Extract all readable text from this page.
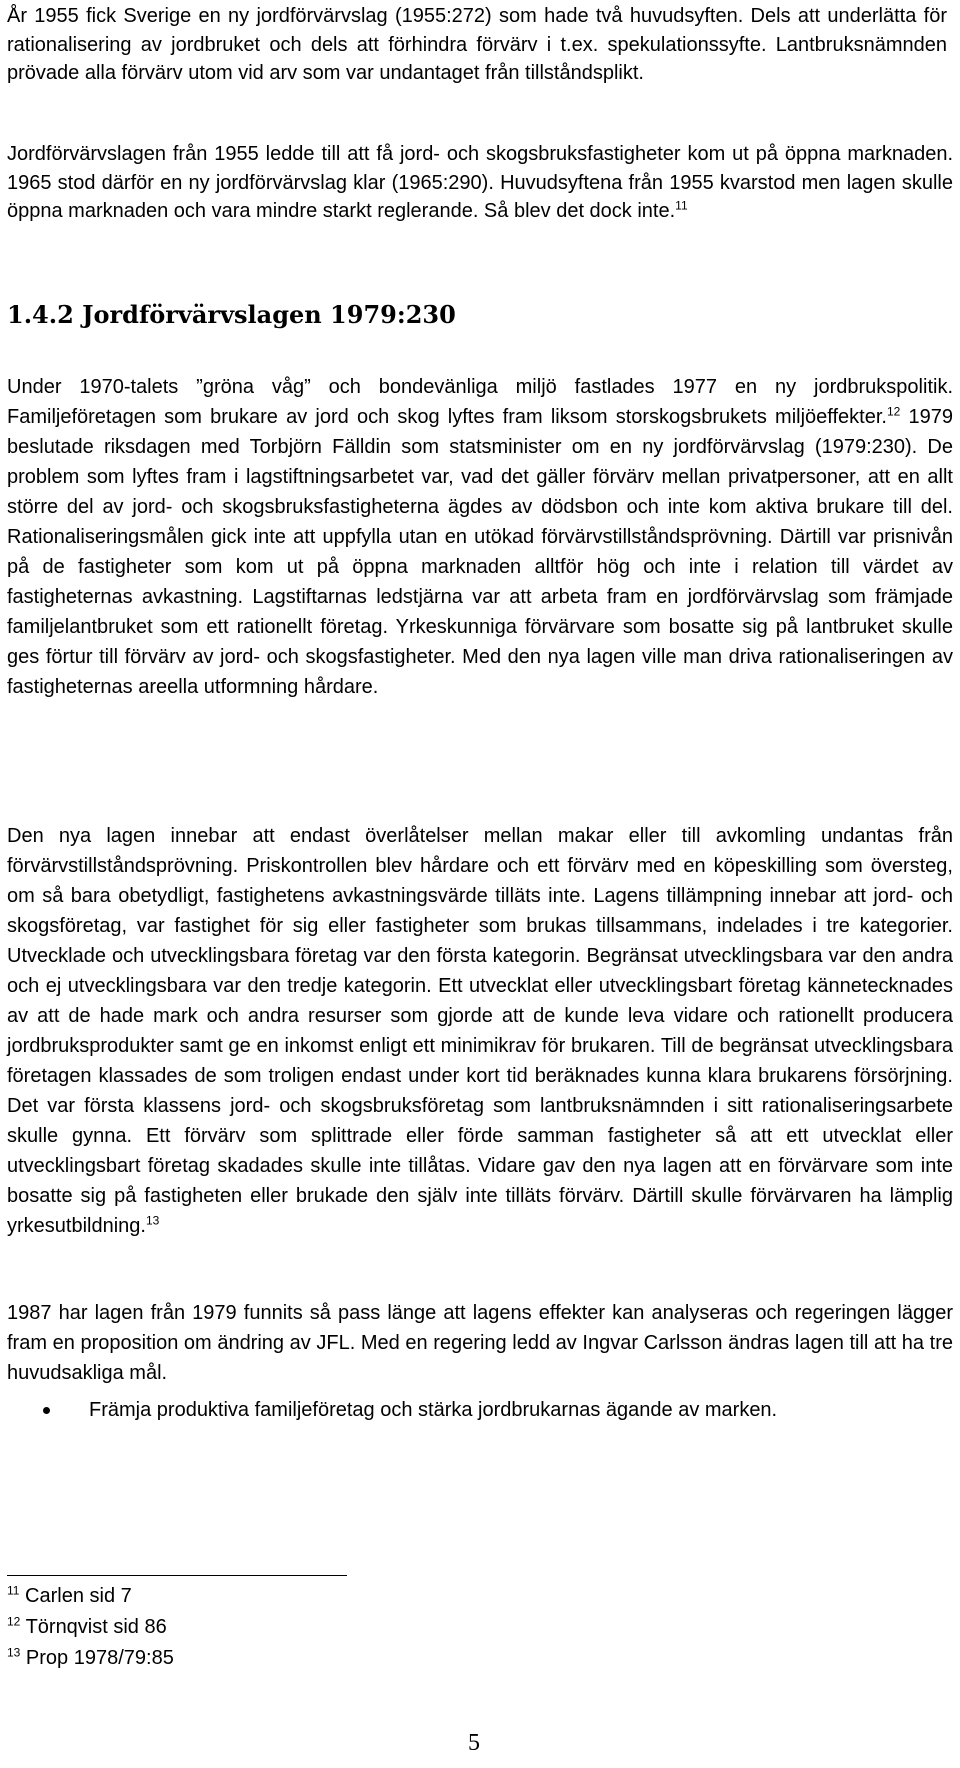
År 1955 fick Sverige en ny jordförvärvslag (1955:272) som hade två huvudsyften. Dels att underlätta för rationalisering av jordbruket och dels att förhindra förvärv i t.ex. spekulationssyfte. Lantbruksnämnden prövade alla förvärv utom vid arv som var undantaget från tillståndsplikt.

Jordförvärvslagen från 1955 ledde till att få jord- och skogsbruksfastigheter kom ut på öppna marknaden. 1965 stod därför en ny jordförvärvslag klar (1965:290). Huvudsyftena från 1955 kvarstod men lagen skulle öppna marknaden och vara mindre starkt reglerande. Så blev det dock inte.$^{11}$

1.4.2 Jordförvärvslagen 1979:230

Under 1970-talets ”gröna våg” och bondevänliga miljö fastlades 1977 en ny jordbrukspolitik. Familjeföretagen som brukare av jord och skog lyftes fram liksom storskogsbrukets miljöeffekter.$^{12}$ 1979 beslutade riksdagen med Torbjörn Fälldin som statsminister om en ny jordförvärvslag (1979:230). De problem som lyftes fram i lagstiftningsarbetet var, vad det gäller förvärv mellan privatpersoner, att en allt större del av jord- och skogsbruksfastigheterna ägdes av dödsbon och inte kom aktiva brukare till del. Rationaliseringsmålen gick inte att uppfylla utan en utökad förvärvstillståndsprövning. Därtill var prisnivån på de fastigheter som kom ut på öppna marknaden alltför hög och inte i relation till värdet av fastigheternas avkastning. Lagstiftarnas ledstjärna var att arbeta fram en jordförvärvslag som främjade familjelantbruket som ett rationellt företag. Yrkeskunniga förvärvare som bosatte sig på lantbruket skulle ges förtur till förvärv av jord- och skogsfastigheter. Med den nya lagen ville man driva rationaliseringen av fastigheternas areella utformning hårdare.

Den nya lagen innebar att endast överlåtelser mellan makar eller till avkomling undantas från förvärvstillståndsprövning. Priskontrollen blev hårdare och ett förvärv med en köpeskilling som översteg, om så bara obetydligt, fastighetens avkastningsvärde tilläts inte. Lagens tillämpning innebar att jord- och skogsföretag, var fastighet för sig eller fastigheter som brukas tillsammans, indelades i tre kategorier. Utvecklade och utvecklingsbara företag var den första kategorin. Begränsat utvecklingsbara var den andra och ej utvecklingsbara var den tredje kategorin. Ett utvecklat eller utvecklingsbart företag kännetecknades av att de hade mark och andra resurser som gjorde att de kunde leva vidare och rationellt producera jordbruksprodukter samt ge en inkomst enligt ett minimikrav för brukaren. Till de begränsat utvecklingsbara företagen klassades de som troligen endast under kort tid beräknades kunna klara brukarens försörjning. Det var första klassens jord- och skogsbruksföretag som lantbruksnämnden i sitt rationaliseringsarbete skulle gynna. Ett förvärv som splittrade eller förde samman fastigheter så att ett utvecklat eller utvecklingsbart företag skadades skulle inte tillåtas. Vidare gav den nya lagen att en förvärvare som inte bosatte sig på fastigheten eller brukade den själv inte tilläts förvärv. Därtill skulle förvärvaren ha lämplig yrkesutbildning.$^{13}$

1987 har lagen från 1979 funnits så pass länge att lagens effekter kan analyseras och regeringen lägger fram en proposition om ändring av JFL. Med en regering ledd av Ingvar Carlsson ändras lagen till att ha tre huvudsakliga mål.

Främja produktiva familjeföretag och stärka jordbrukarnas ägande av marken.
$^{11}$ Carlen sid 7
$^{12}$ Törnqvist sid 86
$^{13}$ Prop 1978/79:85
5
